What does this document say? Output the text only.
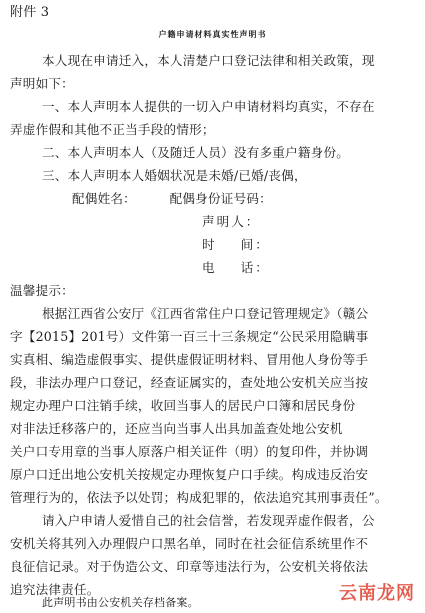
附件 3
户籍申请材料真实性声明书
本人现在申请迁入，本人清楚户口登记法律和相关政策，现
声明如下：
一、本人声明本人提供的一切入户申请材料均真实，不存在
弄虚作假和其他不正当手段的情形；
二、本人声明本人（及随迁人员）没有多重户籍身份。
三、本人声明本人婚姻状况是未婚/已婚/丧偶，
配偶姓名：        配偶身份证号码：
声明人：
时    间：
电    话：
温馨提示：
根据江西省公安厅《江西省常住户口登记管理规定》（赣公
字【2015】201号）文件第一百三十三条规定“公民采用隐瞒事
实真相、编造虚假事实、提供虚假证明材料、冒用他人身份等手
段，非法办理户口登记，经查证属实的，查处地公安机关应当按
规定办理户口注销手续，收回当事人的居民户口簿和居民身份
对非法迁移落户的，还应当向当事人出具加盖查处地公安机
关户口专用章的当事人原落户相关证件（明）的复印件，并协调
原户口迁出地公安机关按规定办理恢复户口手续。构成违反治安
管理行为的，依法予以处罚；构成犯罪的，依法追究其刑事责任”。
请入户申请人爱惜自己的社会信誉，若发现弄虚作假者，公
安机关将其列入办理假户口黑名单，同时在社会征信系统里作不
良征信记录。对于伪造公文、印章等违法行为，公安机关将依法
追究法律责任。
此声明书由公安机关存档备案。	云南龙网
